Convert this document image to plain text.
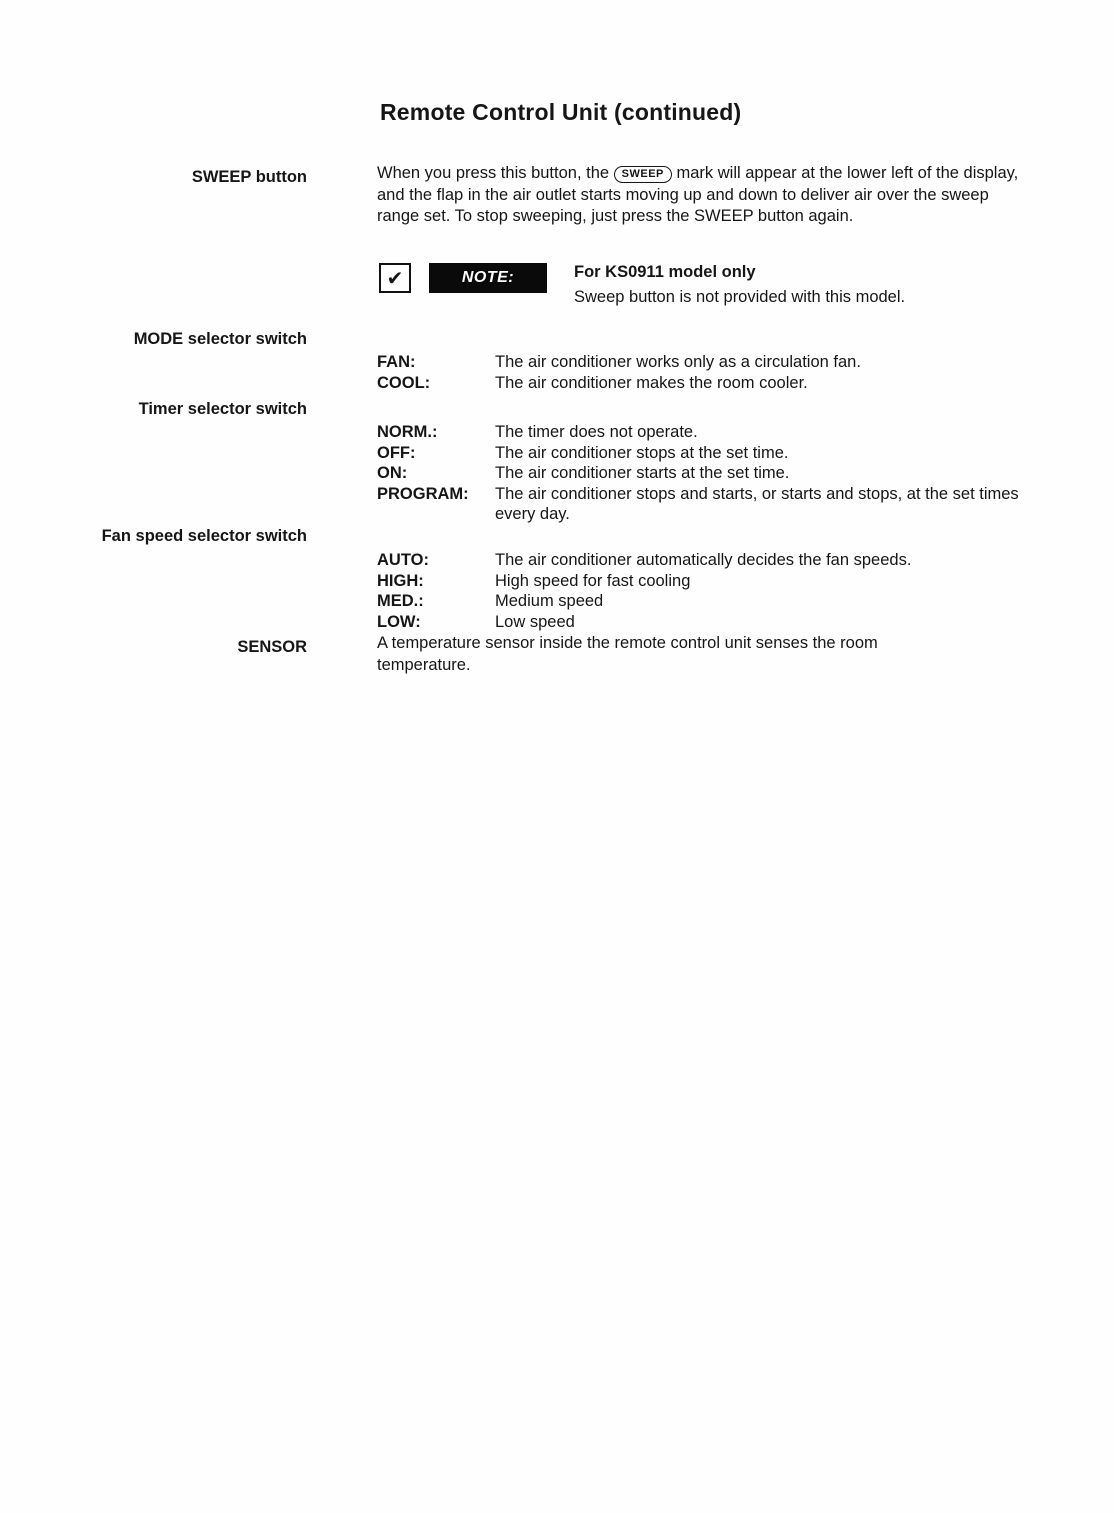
Remote Control Unit (continued)
SWEEP button	When you press this button, the SWEEP mark will appear at the lower left of the display, and the flap in the air outlet starts moving up and down to deliver air over the sweep range set. To stop sweeping, just press the SWEEP button again.

✔	NOTE:	For KS0911 model only
Sweep button is not provided with this model.
MODE selector switch
FAN:	The air conditioner works only as a circulation fan.
COOL:	The air conditioner makes the room cooler.
Timer selector switch
NORM.:	The timer does not operate.
OFF:	The air conditioner stops at the set time.
ON:	The air conditioner starts at the set time.
PROGRAM:	The air conditioner stops and starts, or starts and stops, at the set times every day.
Fan speed selector switch
AUTO:	The air conditioner automatically decides the fan speeds.
HIGH:	High speed for fast cooling
MED.:	Medium speed
LOW:	Low speed
SENSOR	A temperature sensor inside the remote control unit senses the room temperature.
